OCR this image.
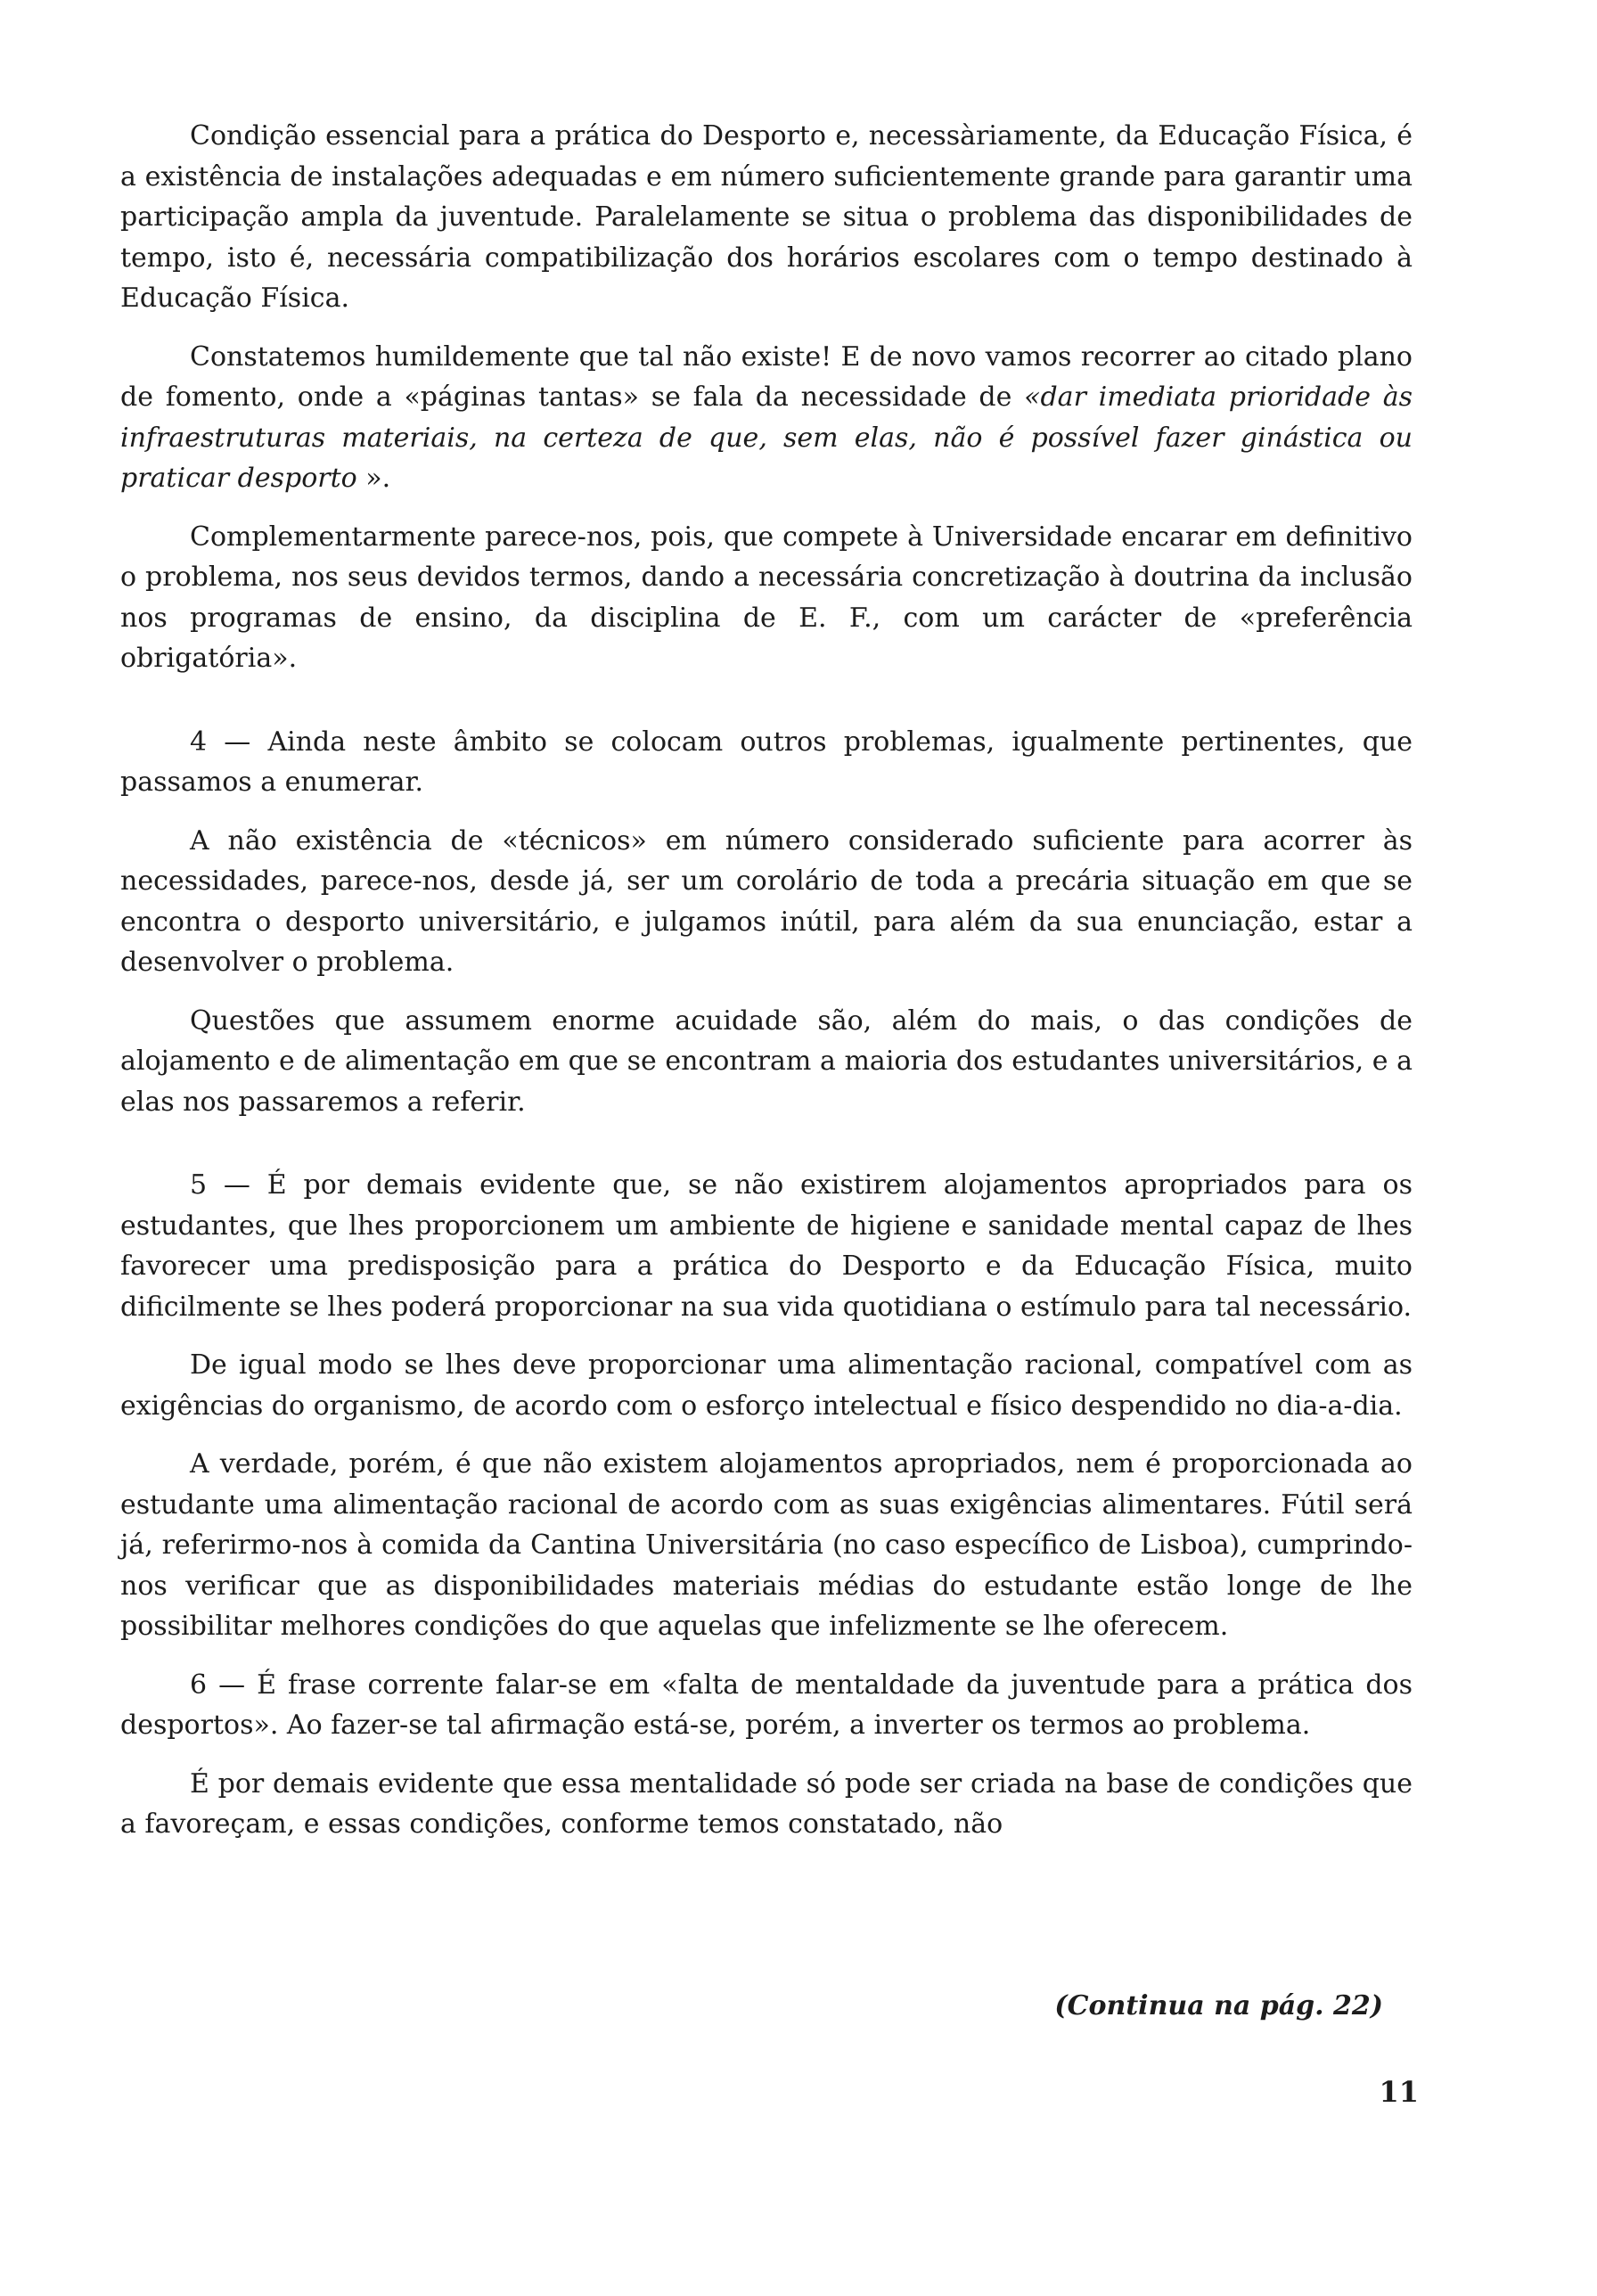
Condição essencial para a prática do Desporto e, necessàriamente, da Educação Física, é a existência de instalações adequadas e em número suficientemente grande para garantir uma participação ampla da juventude. Paralelamente se situa o problema das disponibilidades de tempo, isto é, necessária compatibilização dos horários escolares com o tempo destinado à Educação Física.

Constatemos humildemente que tal não existe! E de novo vamos recorrer ao citado plano de fomento, onde a «páginas tantas» se fala da necessidade de «dar imediata prioridade às infraestruturas materiais, na certeza de que, sem elas, não é possível fazer ginástica ou praticar desporto ».

Complementarmente parece-nos, pois, que compete à Universidade encarar em definitivo o problema, nos seus devidos termos, dando a necessária concretização à doutrina da inclusão nos programas de ensino, da disciplina de E. F., com um carácter de «preferência obrigatória».

4 — Ainda neste âmbito se colocam outros problemas, igualmente pertinentes, que passamos a enumerar.

A não existência de «técnicos» em número considerado suficiente para acorrer às necessidades, parece-nos, desde já, ser um corolário de toda a precária situação em que se encontra o desporto universitário, e julgamos inútil, para além da sua enunciação, estar a desenvolver o problema.

Questões que assumem enorme acuidade são, além do mais, o das condições de alojamento e de alimentação em que se encontram a maioria dos estudantes universitários, e a elas nos passaremos a referir.

5 — É por demais evidente que, se não existirem alojamentos apropriados para os estudantes, que lhes proporcionem um ambiente de higiene e sanidade mental capaz de lhes favorecer uma predisposição para a prática do Desporto e da Educação Física, muito dificilmente se lhes poderá proporcionar na sua vida quotidiana o estímulo para tal necessário.

De igual modo se lhes deve proporcionar uma alimentação racional, compatível com as exigências do organismo, de acordo com o esforço intelectual e físico despendido no dia-a-dia.

A verdade, porém, é que não existem alojamentos apropriados, nem é proporcionada ao estudante uma alimentação racional de acordo com as suas exigências alimentares. Fútil será já, referirmo-nos à comida da Cantina Universitária (no caso específico de Lisboa), cumprindo-nos verificar que as disponibilidades materiais médias do estudante estão longe de lhe possibilitar melhores condições do que aquelas que infelizmente se lhe oferecem.

6 — É frase corrente falar-se em «falta de mentaldade da juventude para a prática dos desportos». Ao fazer-se tal afirmação está-se, porém, a inverter os termos ao problema.

É por demais evidente que essa mentalidade só pode ser criada na base de condições que a favoreçam, e essas condições, conforme temos constatado, não

(Continua na pág. 22)
11
